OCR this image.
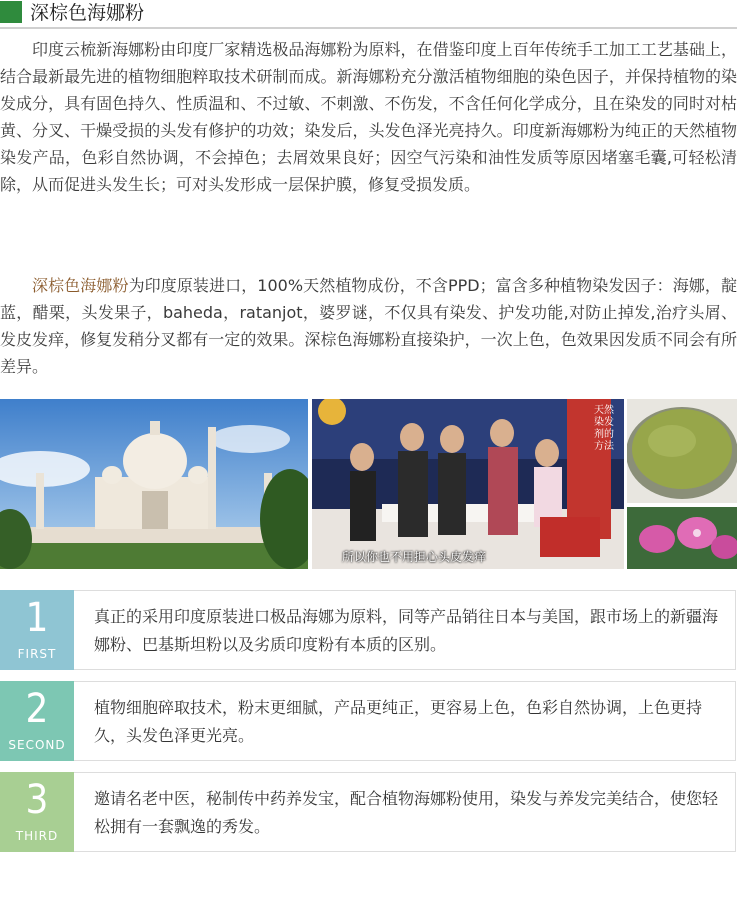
深棕色海娜粉

印度云梳新海娜粉由印度厂家精选极品海娜粉为原料，在借鉴印度上百年传统手工加工工艺基础上，结合最新最先进的植物细胞粹取技术研制而成。新海娜粉充分激活植物细胞的染色因子，并保持植物的染发成分，具有固色持久、性质温和、不过敏、不刺激、不伤发，不含任何化学成分，且在染发的同时对枯黄、分叉、干燥受损的头发有修护的功效；染发后，头发色泽光亮持久。印度新海娜粉为纯正的天然植物染发产品，色彩自然协调，不会掉色；去屑效果良好；因空气污染和油性发质等原因堵塞毛囊,可轻松清除，从而促进头发生长；可对头发形成一层保护膜，修复受损发质。

深棕色海娜粉为印度原装进口，100%天然植物成份，不含PPD；富含多种植物染发因子：海娜，靛蓝，醋栗，头发果子，baheda，ratanjot，婆罗谜，不仅具有染发、护发功能,对防止掉发,治疗头屑、发皮发痒，修复发稍分叉都有一定的效果。深棕色海娜粉直接染护，一次上色，色效果因发质不同会有所差异。

所以你也不用担心头皮发痒
天然染发剂的方法
1
FIRST

真正的采用印度原装进口极品海娜为原料，同等产品销往日本与美国，跟市场上的新疆海娜粉、巴基斯坦粉以及劣质印度粉有本质的区别。

2
SECOND

植物细胞碎取技术，粉末更细腻，产品更纯正，更容易上色，色彩自然协调，上色更持久，头发色泽更光亮。

3
THIRD

邀请名老中医，秘制传中药养发宝，配合植物海娜粉使用，染发与养发完美结合，使您轻松拥有一套飘逸的秀发。
